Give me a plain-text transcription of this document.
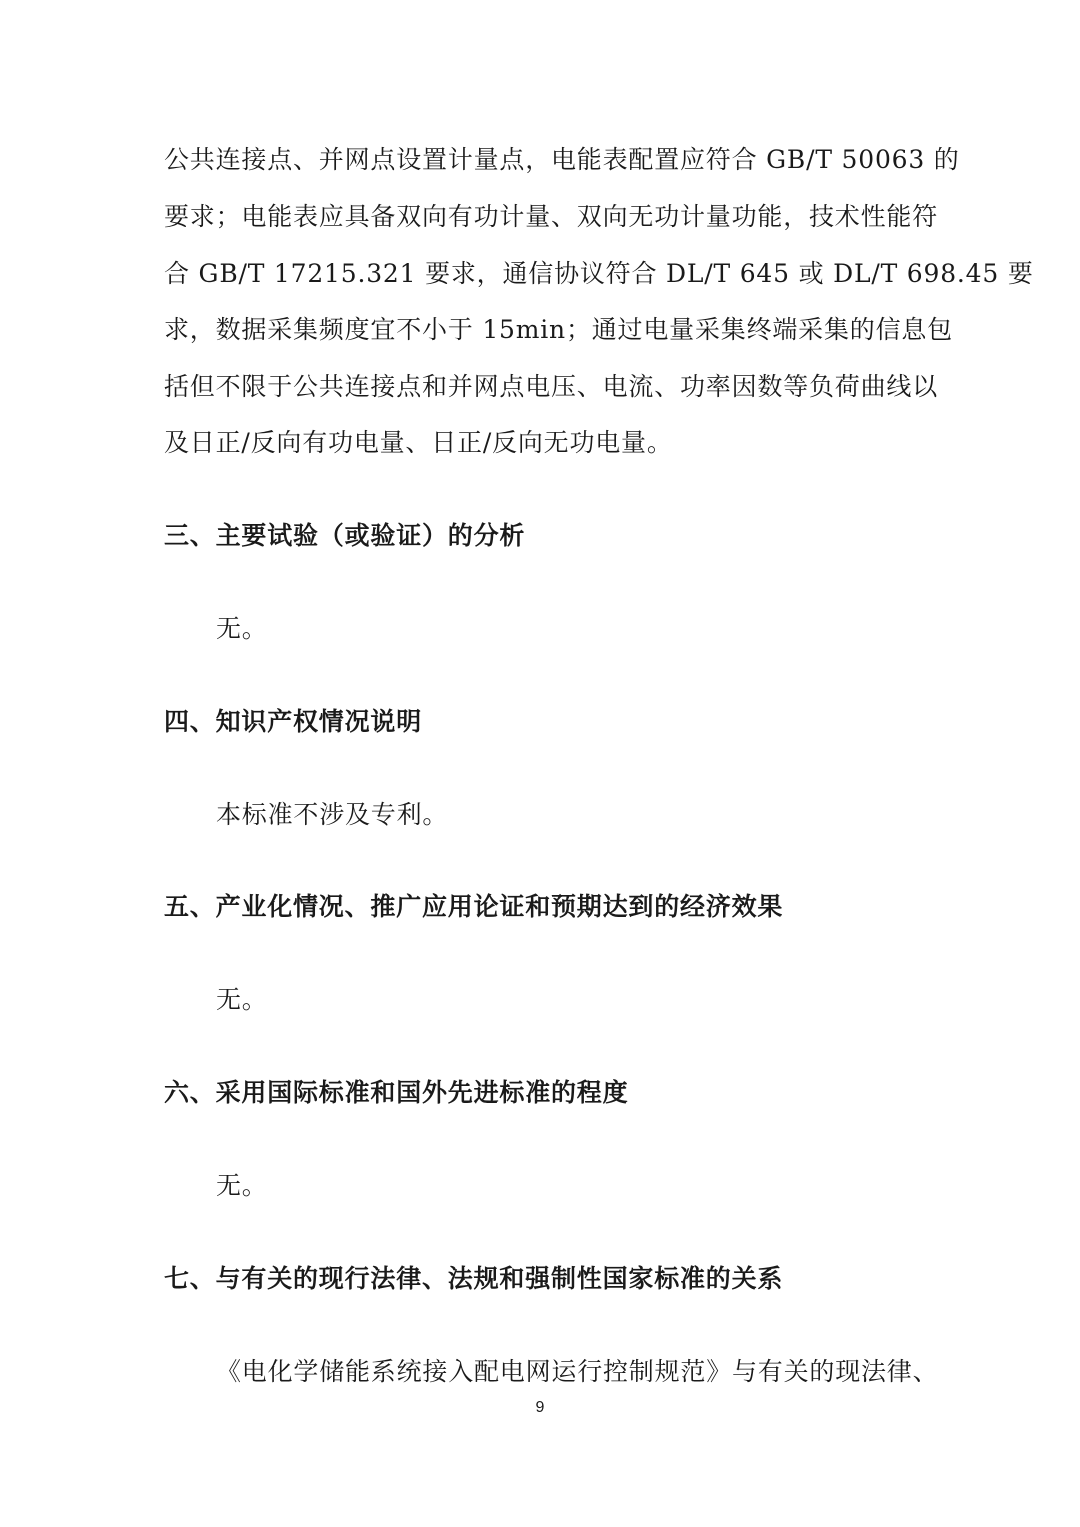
公共连接点、并网点设置计量点，电能表配置应符合 GB/T 50063 的
要求；电能表应具备双向有功计量、双向无功计量功能，技术性能符
合 GB/T 17215.321 要求，通信协议符合 DL/T 645 或 DL/T 698.45 要
求，数据采集频度宜不小于 15min；通过电量采集终端采集的信息包
括但不限于公共连接点和并网点电压、电流、功率因数等负荷曲线以
及日正/反向有功电量、日正/反向无功电量。
三、主要试验（或验证）的分析
无。
四、知识产权情况说明
本标准不涉及专利。
五、产业化情况、推广应用论证和预期达到的经济效果
无。
六、采用国际标准和国外先进标准的程度
无。
七、与有关的现行法律、法规和强制性国家标准的关系
《电化学储能系统接入配电网运行控制规范》与有关的现法律、
9
